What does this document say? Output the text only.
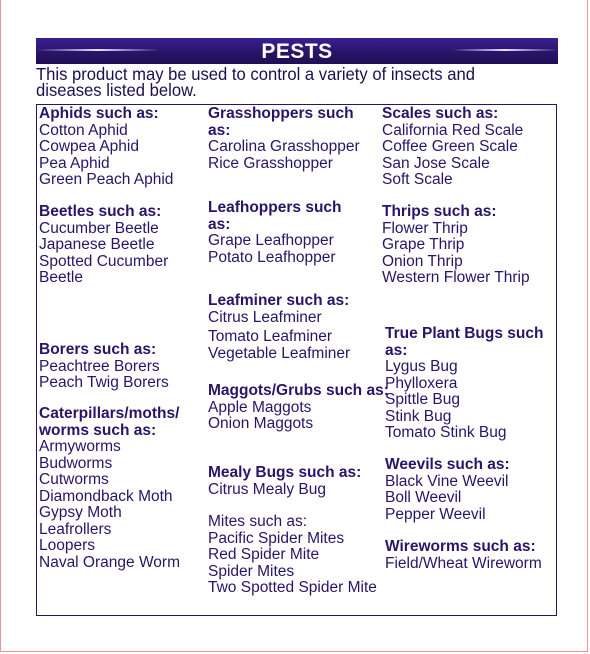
PESTS
This product may be used to control a variety of insects and diseases listed below.
Aphids such as:
Cotton Aphid
Cowpea Aphid
Pea Aphid
Green Peach Aphid
Beetles such as:
Cucumber Beetle
Japanese Beetle
Spotted Cucumber
Beetle
Borers such as:
Peachtree Borers
Peach Twig Borers
Caterpillars/moths/ worms such as:
Armyworms
Budworms
Cutworms
Diamondback Moth
Gypsy Moth
Leafrollers
Loopers
Naval Orange Worm
Grasshoppers such as:
Carolina Grasshopper
Rice Grasshopper
Leafhoppers such as:
Grape Leafhopper
Potato Leafhopper
Leafminer such as:
Citrus Leafminer
Tomato Leafminer
Vegetable Leafminer
Maggots/Grubs such as:
Apple Maggots
Onion Maggots
Mealy Bugs such as:
Citrus Mealy Bug
Mites such as:
Pacific Spider Mites
Red Spider Mite
Spider Mites
Two Spotted Spider Mite
Scales such as:
California Red Scale
Coffee Green Scale
San Jose Scale
Soft Scale
Thrips such as:
Flower Thrip
Grape Thrip
Onion Thrip
Western Flower Thrip
True Plant Bugs such as:
Lygus Bug
Phylloxera
Spittle Bug
Stink Bug
Tomato Stink Bug
Weevils such as:
Black Vine Weevil
Boll Weevil
Pepper Weevil
Wireworms such as:
Field/Wheat Wireworm
